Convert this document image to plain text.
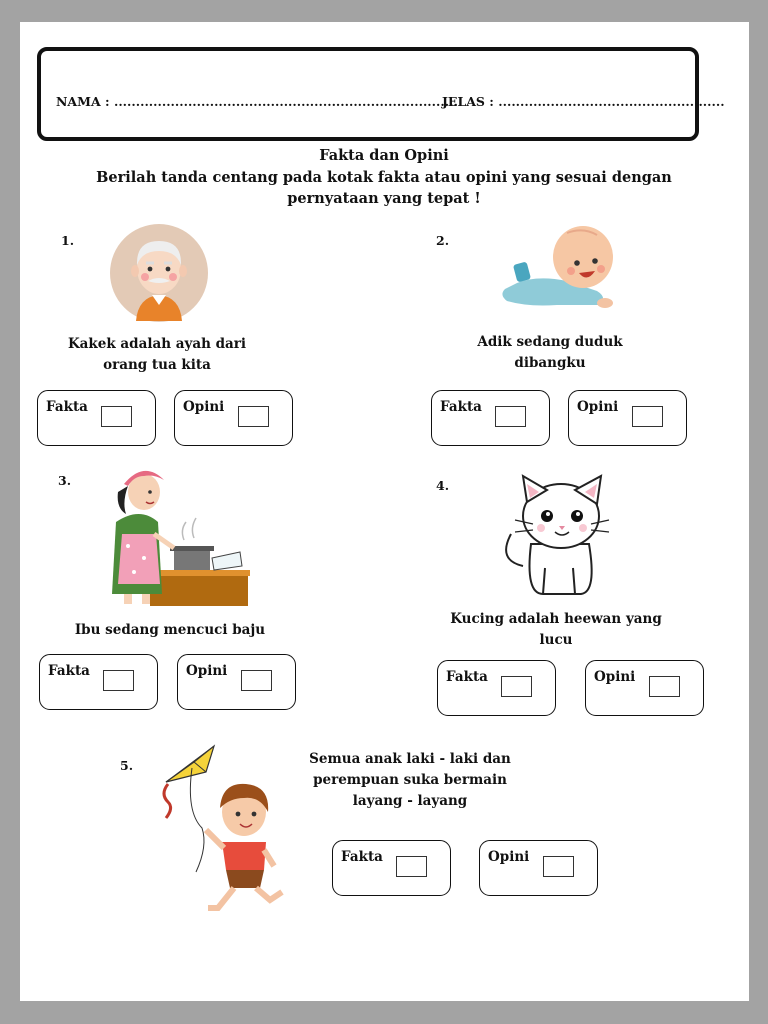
NAMA : ...............................................................................
JELAS : ....................................................
Fakta dan Opini
Berilah tanda centang pada kotak fakta atau opini yang sesuai dengan
pernyataan yang tepat !
1.
Kakek adalah ayah dari
orang tua kita
Fakta	Opini
2.
Adik sedang duduk
dibangku
Fakta	Opini
3.
Ibu sedang mencuci baju
Fakta	Opini
4.
Kucing adalah heewan yang
lucu
Fakta	Opini
5.	Semua anak laki - laki dan
perempuan suka bermain
layang - layang
Fakta	Opini
